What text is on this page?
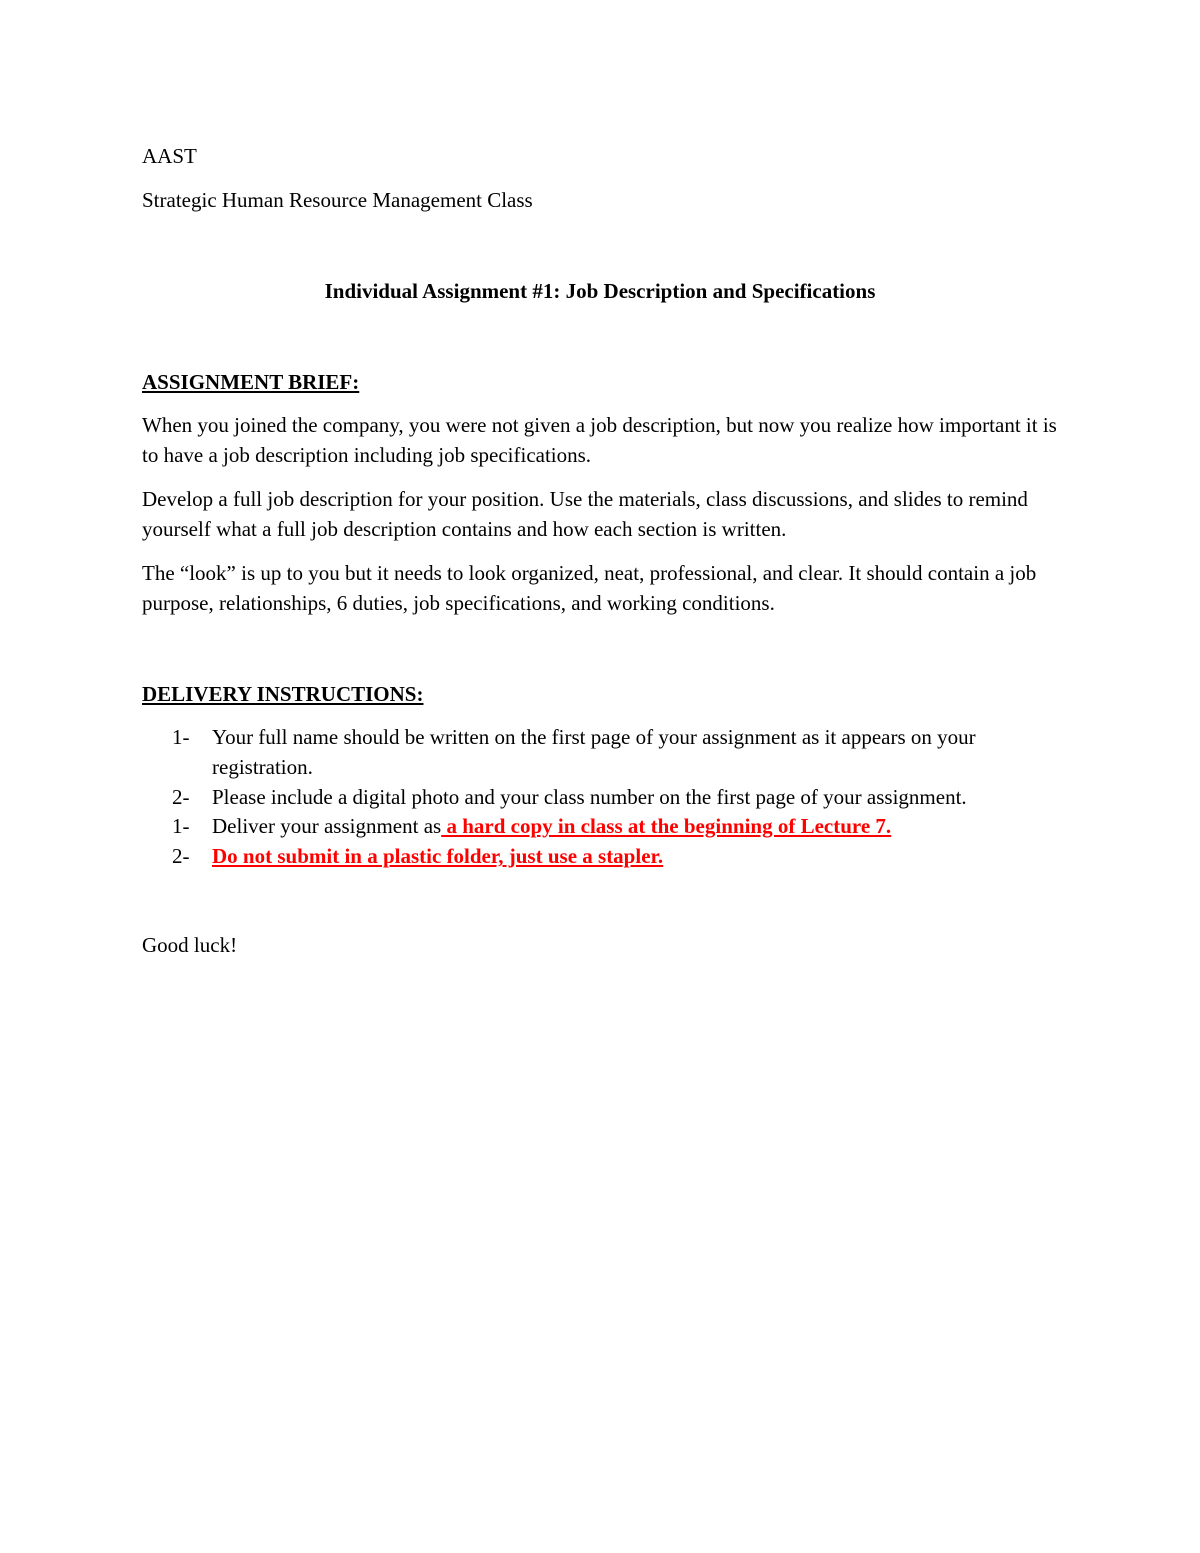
AAST

Strategic Human Resource Management Class

Individual Assignment #1: Job Description and Specifications

ASSIGNMENT BRIEF:

When you joined the company, you were not given a job description, but now you realize how important it is to have a job description including job specifications.

Develop a full job description for your position. Use the materials, class discussions, and slides to remind yourself what a full job description contains and how each section is written.

The “look” is up to you but it needs to look organized, neat, professional, and clear. It should contain a job purpose, relationships, 6 duties, job specifications, and working conditions.

DELIVERY INSTRUCTIONS:

1- Your full name should be written on the first page of your assignment as it appears on your registration.
2- Please include a digital photo and your class number on the first page of your assignment.
1- Deliver your assignment as a hard copy in class at the beginning of Lecture 7.
2- Do not submit in a plastic folder, just use a stapler.

Good luck!
